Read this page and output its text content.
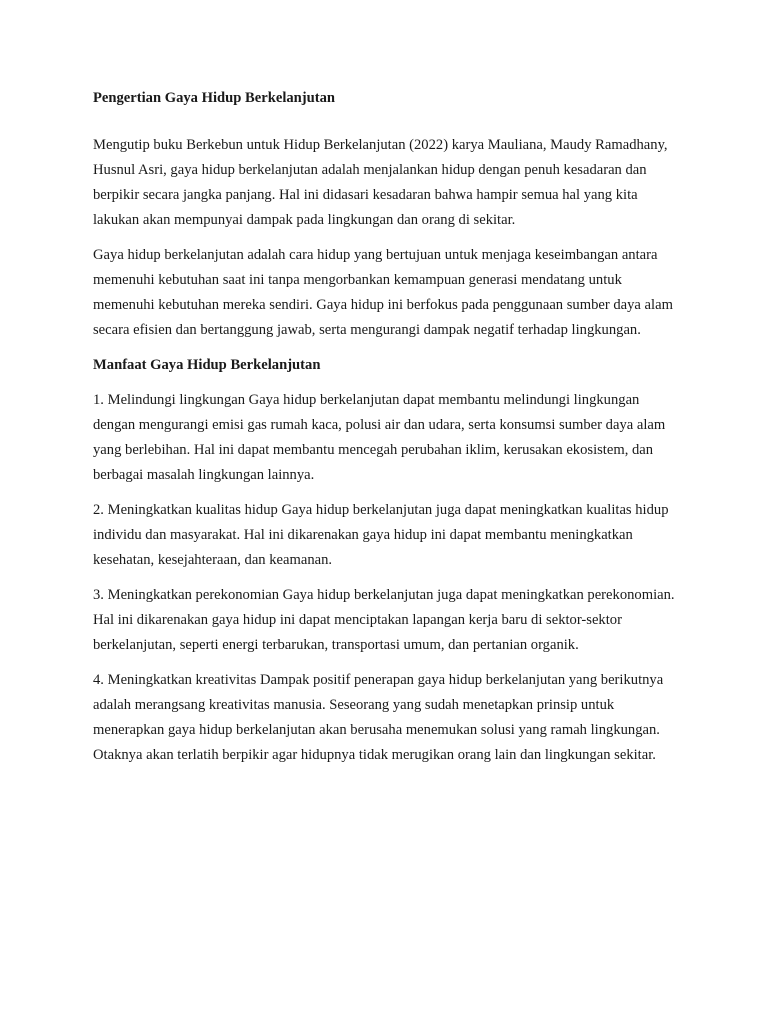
Pengertian Gaya Hidup Berkelanjutan

Mengutip buku Berkebun untuk Hidup Berkelanjutan (2022) karya Mauliana, Maudy Ramadhany, Husnul Asri, gaya hidup berkelanjutan adalah menjalankan hidup dengan penuh kesadaran dan berpikir secara jangka panjang. Hal ini didasari kesadaran bahwa hampir semua hal yang kita lakukan akan mempunyai dampak pada lingkungan dan orang di sekitar.

Gaya hidup berkelanjutan adalah cara hidup yang bertujuan untuk menjaga keseimbangan antara memenuhi kebutuhan saat ini tanpa mengorbankan kemampuan generasi mendatang untuk memenuhi kebutuhan mereka sendiri. Gaya hidup ini berfokus pada penggunaan sumber daya alam secara efisien dan bertanggung jawab, serta mengurangi dampak negatif terhadap lingkungan.

Manfaat Gaya Hidup Berkelanjutan

1. Melindungi lingkungan Gaya hidup berkelanjutan dapat membantu melindungi lingkungan dengan mengurangi emisi gas rumah kaca, polusi air dan udara, serta konsumsi sumber daya alam yang berlebihan. Hal ini dapat membantu mencegah perubahan iklim, kerusakan ekosistem, dan berbagai masalah lingkungan lainnya.

2. Meningkatkan kualitas hidup Gaya hidup berkelanjutan juga dapat meningkatkan kualitas hidup individu dan masyarakat. Hal ini dikarenakan gaya hidup ini dapat membantu meningkatkan kesehatan, kesejahteraan, dan keamanan.

3. Meningkatkan perekonomian Gaya hidup berkelanjutan juga dapat meningkatkan perekonomian. Hal ini dikarenakan gaya hidup ini dapat menciptakan lapangan kerja baru di sektor-sektor berkelanjutan, seperti energi terbarukan, transportasi umum, dan pertanian organik.

4. Meningkatkan kreativitas Dampak positif penerapan gaya hidup berkelanjutan yang berikutnya adalah merangsang kreativitas manusia. Seseorang yang sudah menetapkan prinsip untuk menerapkan gaya hidup berkelanjutan akan berusaha menemukan solusi yang ramah lingkungan. Otaknya akan terlatih berpikir agar hidupnya tidak merugikan orang lain dan lingkungan sekitar.
